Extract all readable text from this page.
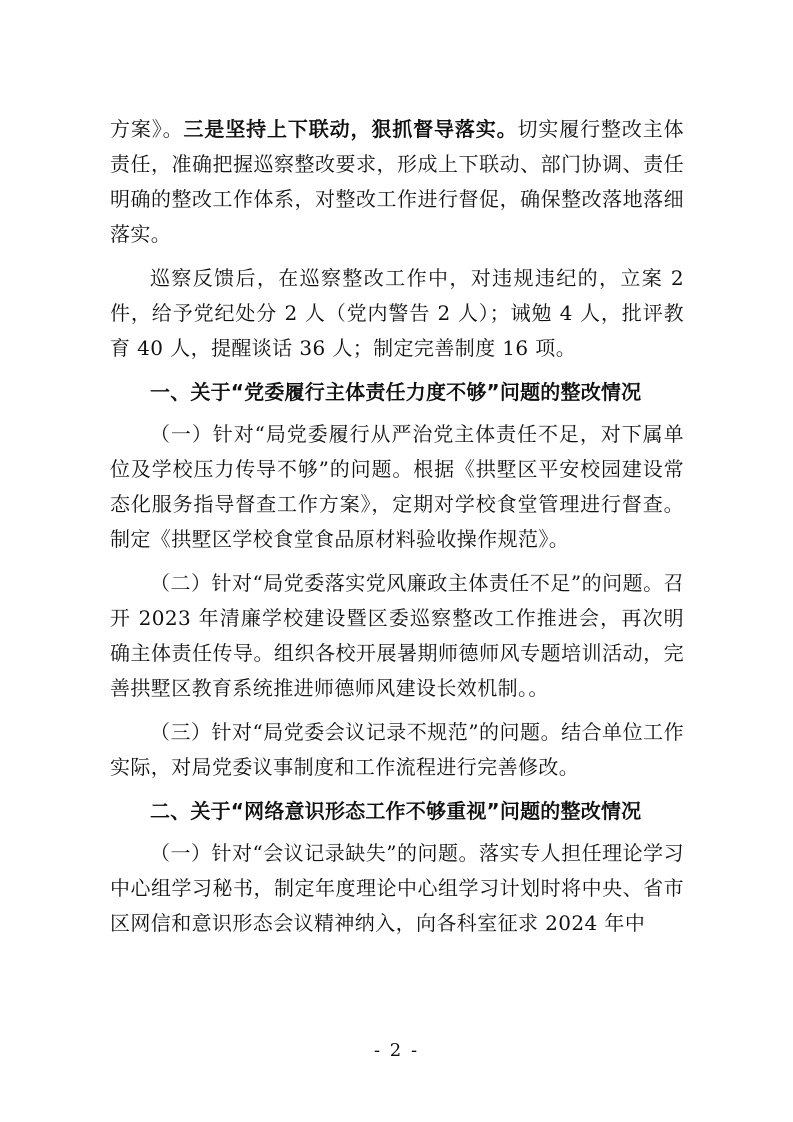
方案》。三是坚持上下联动，狠抓督导落实。切实履行整改主体责任，准确把握巡察整改要求，形成上下联动、部门协调、责任明确的整改工作体系，对整改工作进行督促，确保整改落地落细落实。

巡察反馈后，在巡察整改工作中，对违规违纪的，立案 2 件，给予党纪处分 2 人（党内警告 2 人）；诫勉 4 人，批评教育 40 人，提醒谈话 36 人；制定完善制度 16 项。

一、关于“党委履行主体责任力度不够”问题的整改情况

（一）针对“局党委履行从严治党主体责任不足，对下属单位及学校压力传导不够”的问题。根据《拱墅区平安校园建设常态化服务指导督查工作方案》，定期对学校食堂管理进行督查。制定《拱墅区学校食堂食品原材料验收操作规范》。

（二）针对“局党委落实党风廉政主体责任不足”的问题。召开 2023 年清廉学校建设暨区委巡察整改工作推进会，再次明确主体责任传导。组织各校开展暑期师德师风专题培训活动，完善拱墅区教育系统推进师德师风建设长效机制。。

（三）针对“局党委会议记录不规范”的问题。结合单位工作实际，对局党委议事制度和工作流程进行完善修改。

二、关于“网络意识形态工作不够重视”问题的整改情况

（一）针对“会议记录缺失”的问题。落实专人担任理论学习中心组学习秘书，制定年度理论中心组学习计划时将中央、省市区网信和意识形态会议精神纳入，向各科室征求 2024 年中

- 2 -
